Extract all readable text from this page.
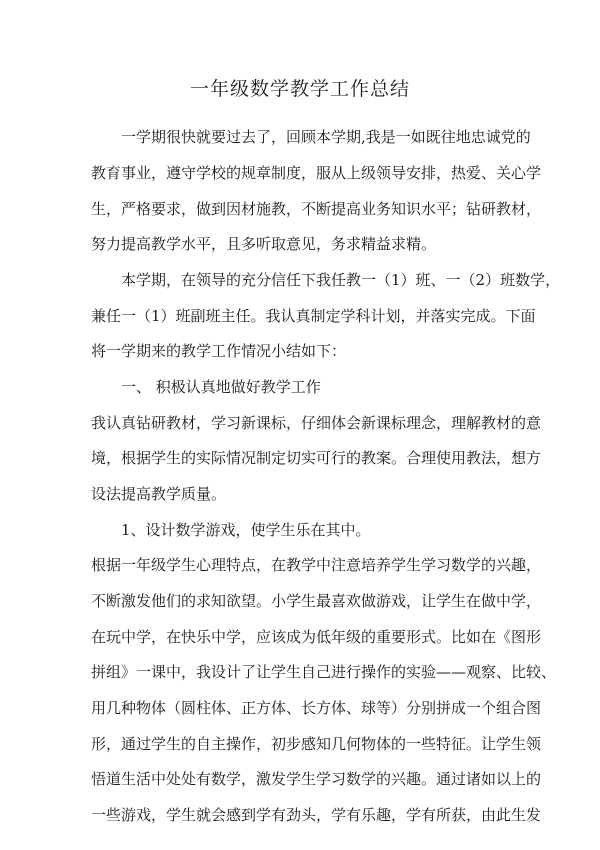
一年级数学教学工作总结
一学期很快就要过去了，回顾本学期,我是一如既往地忠诚党的
教育事业，遵守学校的规章制度，服从上级领导安排，热爱、关心学
生，严格要求，做到因材施教，不断提高业务知识水平；钻研教材，
努力提高教学水平，且多听取意见，务求精益求精。
本学期，在领导的充分信任下我任教一（1）班、一（2）班数学，
兼任一（1）班副班主任。我认真制定学科计划，并落实完成。下面
将一学期来的教学工作情况小结如下：
一、 积极认真地做好教学工作
我认真钻研教材，学习新课标，仔细体会新课标理念，理解教材的意
境，根据学生的实际情况制定切实可行的教案。合理使用教法，想方
设法提高教学质量。
1、设计数学游戏，使学生乐在其中。
根据一年级学生心理特点，在教学中注意培养学生学习数学的兴趣，
不断激发他们的求知欲望。小学生最喜欢做游戏，让学生在做中学，
在玩中学，在快乐中学，应该成为低年级的重要形式。比如在《图形
拼组》一课中，我设计了让学生自己进行操作的实验——观察、比较、
用几种物体（圆柱体、正方体、长方体、球等）分别拼成一个组合图
形，通过学生的自主操作，初步感知几何物体的一些特征。让学生领
悟道生活中处处有数学，激发学生学习数学的兴趣。通过诸如以上的
一些游戏，学生就会感到学有劲头，学有乐趣，学有所获，由此生发
